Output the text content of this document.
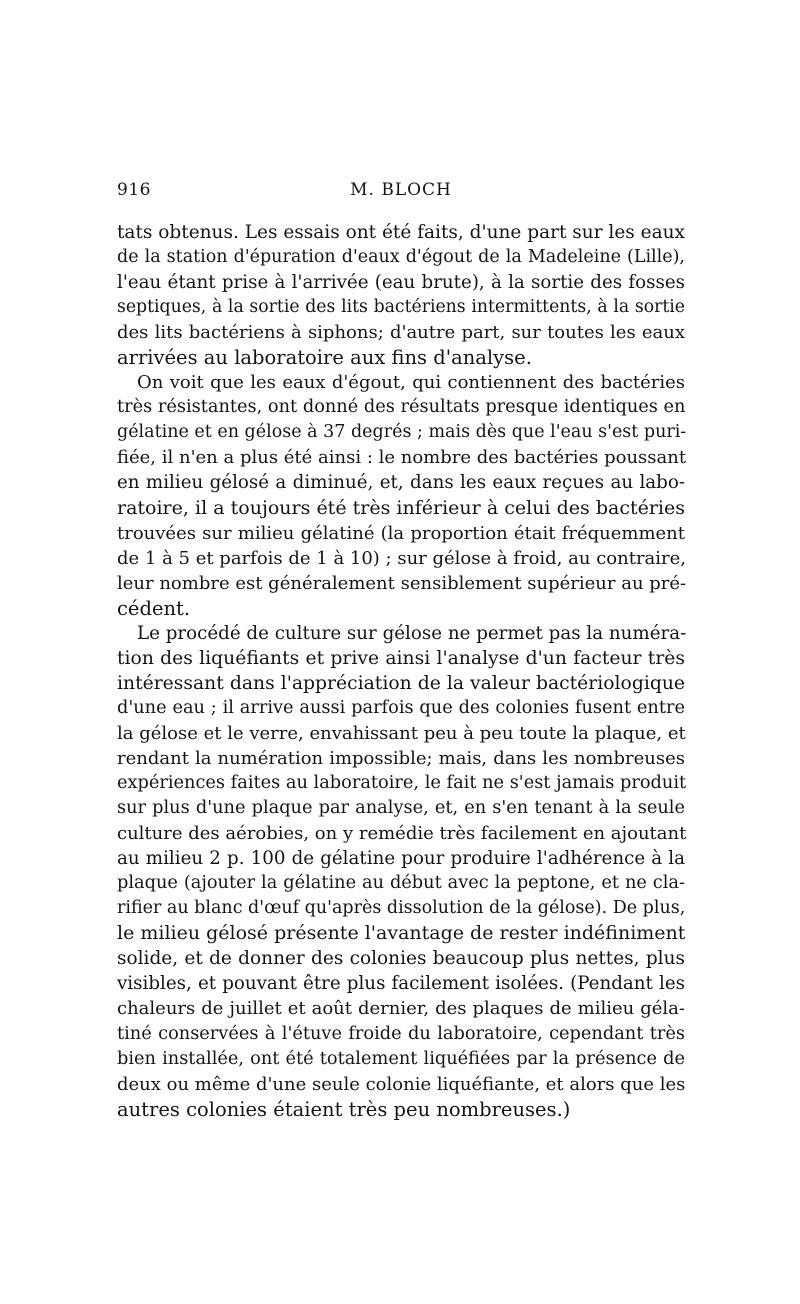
916	M. BLOCH
tats obtenus. Les essais ont été faits, d'une part sur les eaux
de la station d'épuration d'eaux d'égout de la Madeleine (Lille),
l'eau étant prise à l'arrivée (eau brute), à la sortie des fosses
septiques, à la sortie des lits bactériens intermittents, à la sortie
des lits bactériens à siphons; d'autre part, sur toutes les eaux
arrivées au laboratoire aux fins d'analyse.
On voit que les eaux d'égout, qui contiennent des bactéries
très résistantes, ont donné des résultats presque identiques en
gélatine et en gélose à 37 degrés ; mais dès que l'eau s'est puri-
fiée, il n'en a plus été ainsi : le nombre des bactéries poussant
en milieu gélosé a diminué, et, dans les eaux reçues au labo-
ratoire, il a toujours été très inférieur à celui des bactéries
trouvées sur milieu gélatiné (la proportion était fréquemment
de 1 à 5 et parfois de 1 à 10) ; sur gélose à froid, au contraire,
leur nombre est généralement sensiblement supérieur au pré-
cédent.
Le procédé de culture sur gélose ne permet pas la numéra-
tion des liquéfiants et prive ainsi l'analyse d'un facteur très
intéressant dans l'appréciation de la valeur bactériologique
d'une eau ; il arrive aussi parfois que des colonies fusent entre
la gélose et le verre, envahissant peu à peu toute la plaque, et
rendant la numération impossible; mais, dans les nombreuses
expériences faites au laboratoire, le fait ne s'est jamais produit
sur plus d'une plaque par analyse, et, en s'en tenant à la seule
culture des aérobies, on y remédie très facilement en ajoutant
au milieu 2 p. 100 de gélatine pour produire l'adhérence à la
plaque (ajouter la gélatine au début avec la peptone, et ne cla-
rifier au blanc d'œuf qu'après dissolution de la gélose). De plus,
le milieu gélosé présente l'avantage de rester indéfiniment
solide, et de donner des colonies beaucoup plus nettes, plus
visibles, et pouvant être plus facilement isolées. (Pendant les
chaleurs de juillet et août dernier, des plaques de milieu géla-
tiné conservées à l'étuve froide du laboratoire, cependant très
bien installée, ont été totalement liquéfiées par la présence de
deux ou même d'une seule colonie liquéfiante, et alors que les
autres colonies étaient très peu nombreuses.)
